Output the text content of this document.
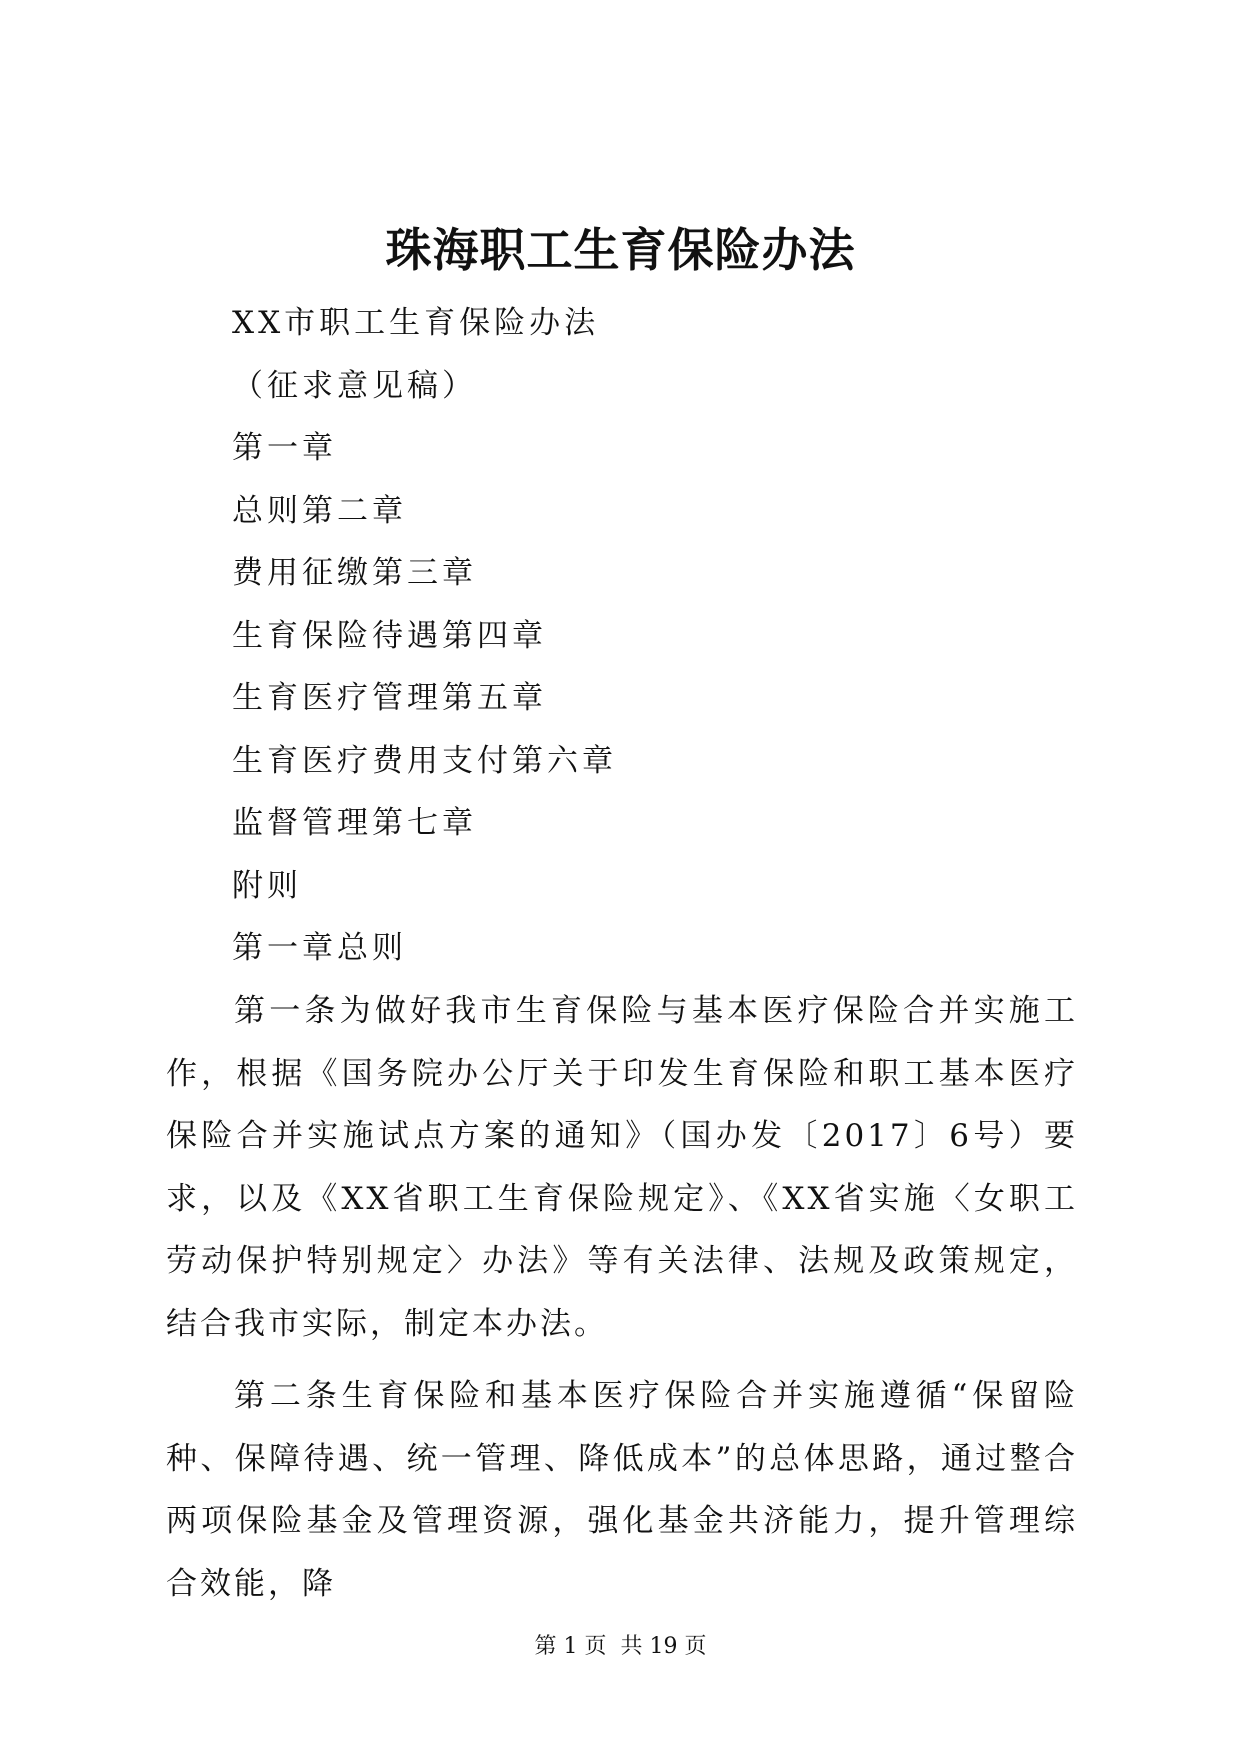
珠海职工生育保险办法
XX市职工生育保险办法
（征求意见稿）
第一章
总则第二章
费用征缴第三章
生育保险待遇第四章
生育医疗管理第五章
生育医疗费用支付第六章
监督管理第七章
附则
第一章总则

第一条为做好我市生育保险与基本医疗保险合并实施工作，根据《国务院办公厅关于印发生育保险和职工基本医疗保险合并实施试点方案的通知》（国办发〔2017〕6号）要求，以及《XX省职工生育保险规定》、《XX省实施〈女职工劳动保护特别规定〉办法》等有关法律、法规及政策规定，结合我市实际，制定本办法。

第二条生育保险和基本医疗保险合并实施遵循“保留险种、保障待遇、统一管理、降低成本”的总体思路，通过整合两项保险基金及管理资源，强化基金共济能力，提升管理综合效能，降

第 1 页  共 19 页
